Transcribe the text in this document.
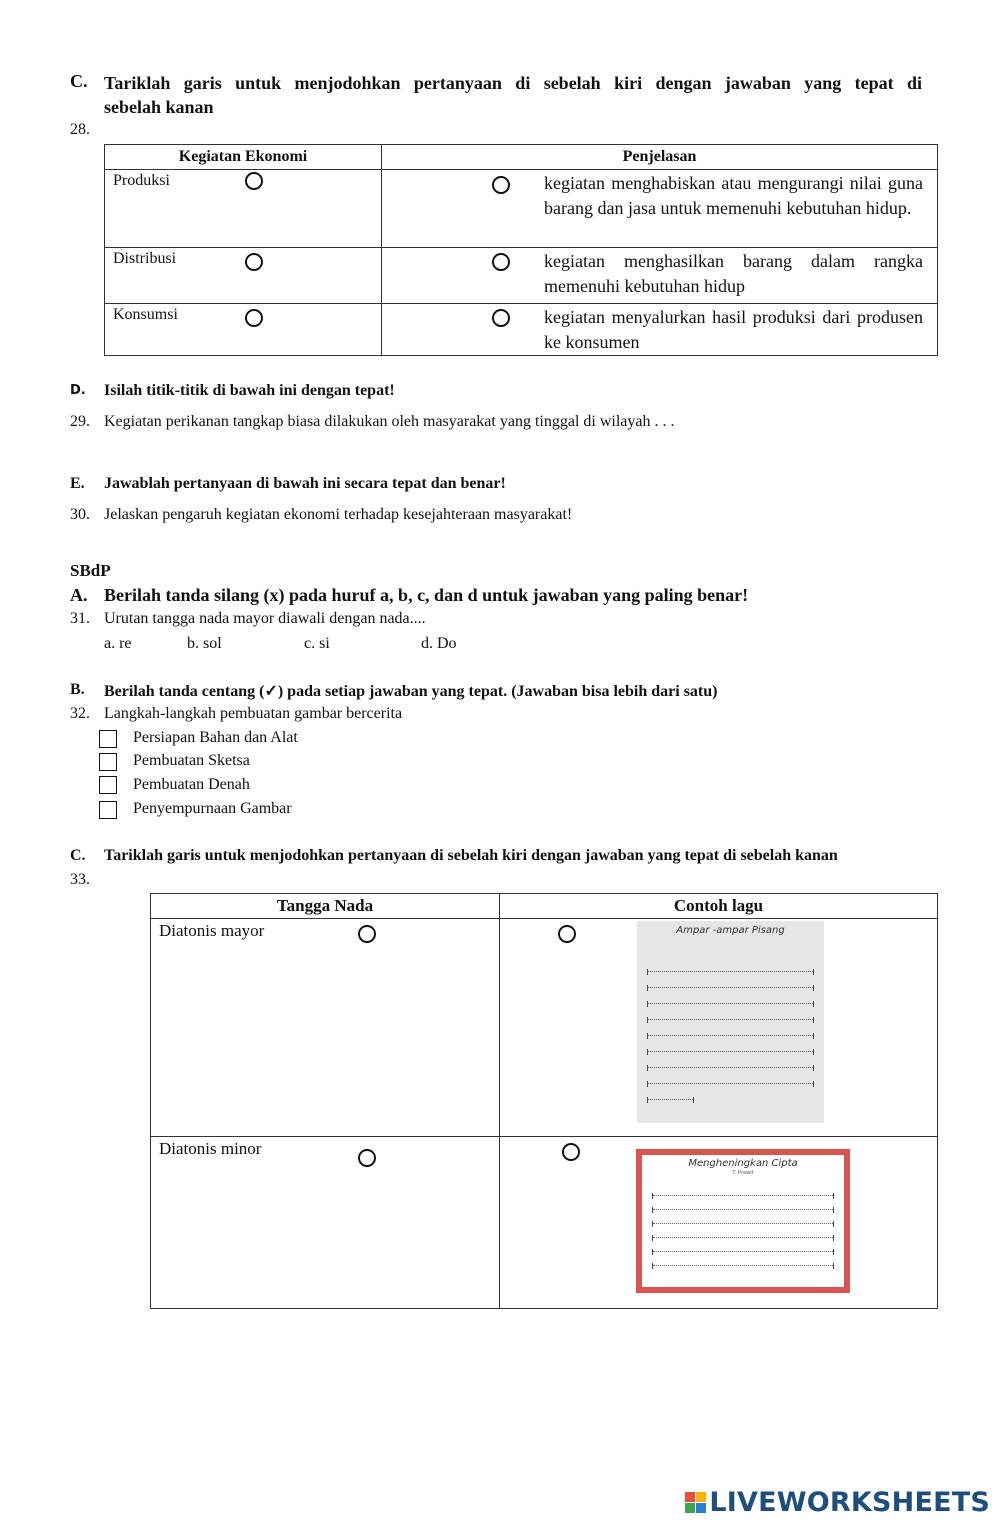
C. Tariklah garis untuk menjodohkan pertanyaan di sebelah kiri dengan jawaban yang tepat di
sebelah kanan
28.
Kegiatan Ekonomi	Penjelasan

Produksi	kegiatan menghabiskan atau mengurangi nilai guna barang dan jasa untuk memenuhi kebutuhan hidup.

Distribusi	kegiatan menghasilkan barang dalam rangka memenuhi kebutuhan hidup

Konsumsi	kegiatan menyalurkan hasil produksi dari produsen ke konsumen
D. Isilah titik-titik di bawah ini dengan tepat!
29. Kegiatan perikanan tangkap biasa dilakukan oleh masyarakat yang tinggal di wilayah . . .
E. Jawablah pertanyaan di bawah ini secara tepat dan benar!
30. Jelaskan pengaruh kegiatan ekonomi terhadap kesejahteraan masyarakat!
SBdP
A. Berilah tanda silang (x) pada huruf a, b, c, dan d untuk jawaban yang paling benar!
31. Urutan tangga nada mayor diawali dengan nada....
a. re	b. sol	c. si	d. Do
B. Berilah tanda centang (✓) pada setiap jawaban yang tepat. (Jawaban bisa lebih dari satu)
32. Langkah-langkah pembuatan gambar bercerita
Persiapan Bahan dan Alat
Pembuatan Sketsa
Pembuatan Denah
Penyempurnaan Gambar
C. Tariklah garis untuk menjodohkan pertanyaan di sebelah kiri dengan jawaban yang tepat di sebelah kanan
33.
Tangga Nada	Contoh lagu

Diatonis mayor	Ampar -ampar Pisang

Diatonis minor	Mengheningkan Cipta
T. Prawit
LIVEWORKSHEETS
